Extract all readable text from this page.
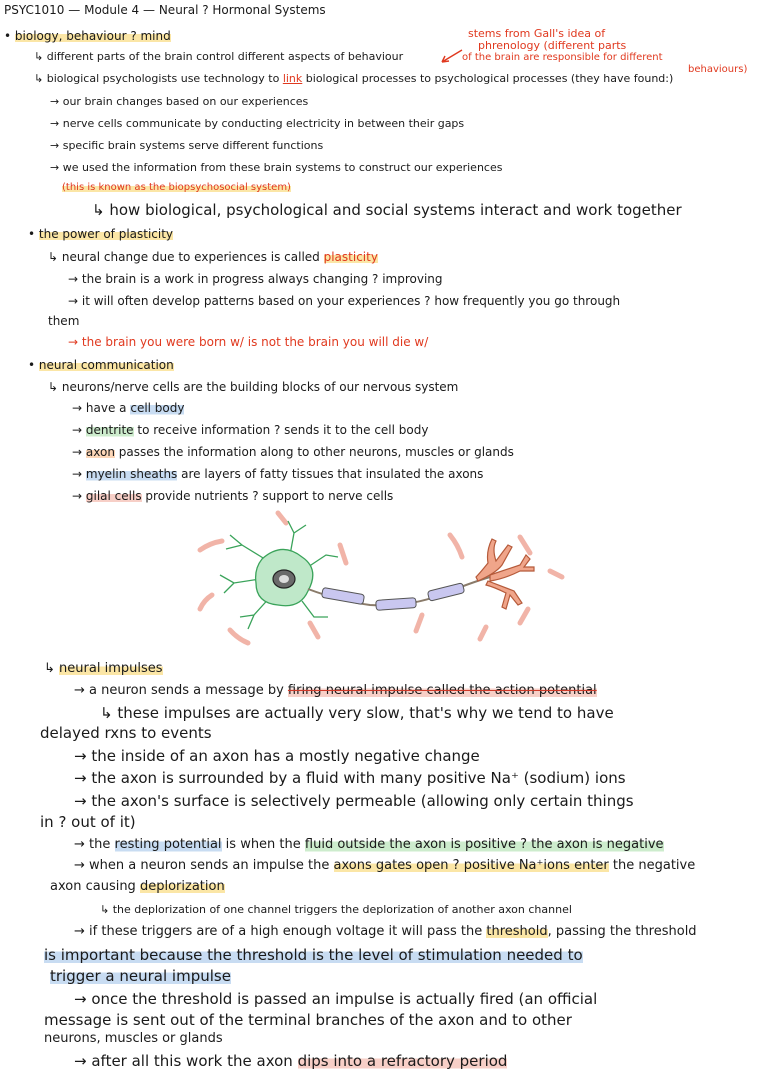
PSYC1010 — Module 4 — Neural ? Hormonal Systems
stems from Gall's idea of
phrenology (different parts
of the brain are responsible for different
behaviours)
• biology, behaviour ? mind
↳ different parts of the brain control different aspects of behaviour
↳ biological psychologists use technology to link biological processes to psychological processes (they have found:)
→ our brain changes based on our experiences
→ nerve cells communicate by conducting electricity in between their gaps
→ specific brain systems serve different functions
→ we used the information from these brain systems to construct our experiences
(this is known as the biopsychosocial system)
↳ how biological, psychological and social systems interact and work together
• the power of plasticity
↳ neural change due to experiences is called plasticity
→ the brain is a work in progress always changing ? improving
→ it will often develop patterns based on your experiences ? how frequently you go through
them
→ the brain you were born w/ is not the brain you will die w/
• neural communication
↳ neurons/nerve cells are the building blocks of our nervous system
→ have a cell body
→ dentrite to receive information ? sends it to the cell body
→ axon passes the information along to other neurons, muscles or glands
→ myelin sheaths are layers of fatty tissues that insulated the axons
→ gilal cells provide nutrients ? support to nerve cells
↳ neural impulses
→ a neuron sends a message by firing neural impulse called the action potential
↳ these impulses are actually very slow, that's why we tend to have
delayed rxns to events
→ the inside of an axon has a mostly negative change
→ the axon is surrounded by a fluid with many positive Na⁺ (sodium) ions
→ the axon's surface is selectively permeable (allowing only certain things
in ? out of it)
→ the resting potential is when the fluid outside the axon is positive ? the axon is negative
→ when a neuron sends an impulse the axons gates open ? positive Na⁺ions enter the negative
axon causing deplorization
↳ the deplorization of one channel triggers the deplorization of another axon channel
→ if these triggers are of a high enough voltage it will pass the threshold, passing the threshold
is important because the threshold is the level of stimulation needed to
trigger a neural impulse
→ once the threshold is passed an impulse is actually fired (an official
message is sent out of the terminal branches of the axon and to other
neurons, muscles or glands
→ after all this work the axon dips into a refractory period
